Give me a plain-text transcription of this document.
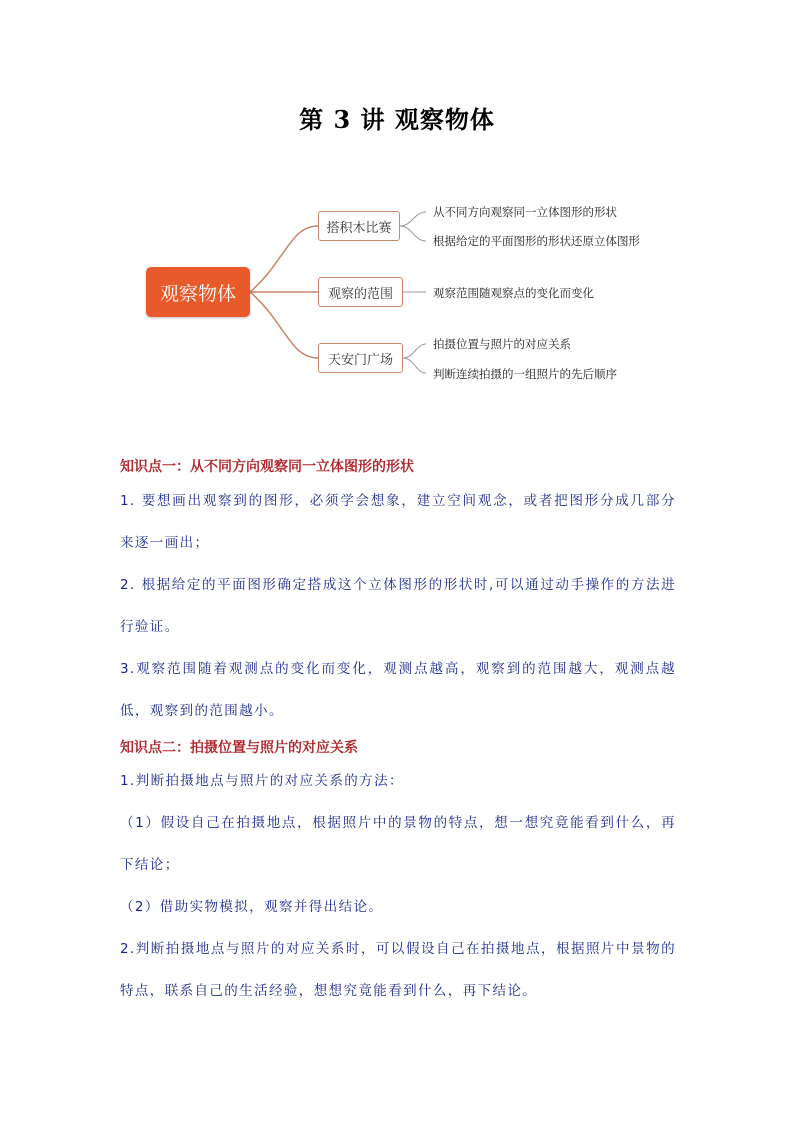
第 3 讲 观察物体
观察物体
搭积木比赛
观察的范围
天安门广场
从不同方向观察同一立体图形的形状
根据给定的平面图形的形状还原立体图形
观察范围随观察点的变化而变化
拍摄位置与照片的对应关系
判断连续拍摄的一组照片的先后顺序
知识点一：从不同方向观察同一立体图形的形状
1. 要想画出观察到的图形，必须学会想象，建立空间观念，或者把图形分成几部分来逐一画出；
2. 根据给定的平面图形确定搭成这个立体图形的形状时,可以通过动手操作的方法进行验证。
3.观察范围随着观测点的变化而变化，观测点越高，观察到的范围越大，观测点越低，观察到的范围越小。
知识点二：拍摄位置与照片的对应关系
1.判断拍摄地点与照片的对应关系的方法：
（1）假设自己在拍摄地点，根据照片中的景物的特点，想一想究竟能看到什么，再下结论；
（2）借助实物模拟，观察并得出结论。
2.判断拍摄地点与照片的对应关系时，可以假设自己在拍摄地点，根据照片中景物的特点，联系自己的生活经验，想想究竟能看到什么，再下结论。
